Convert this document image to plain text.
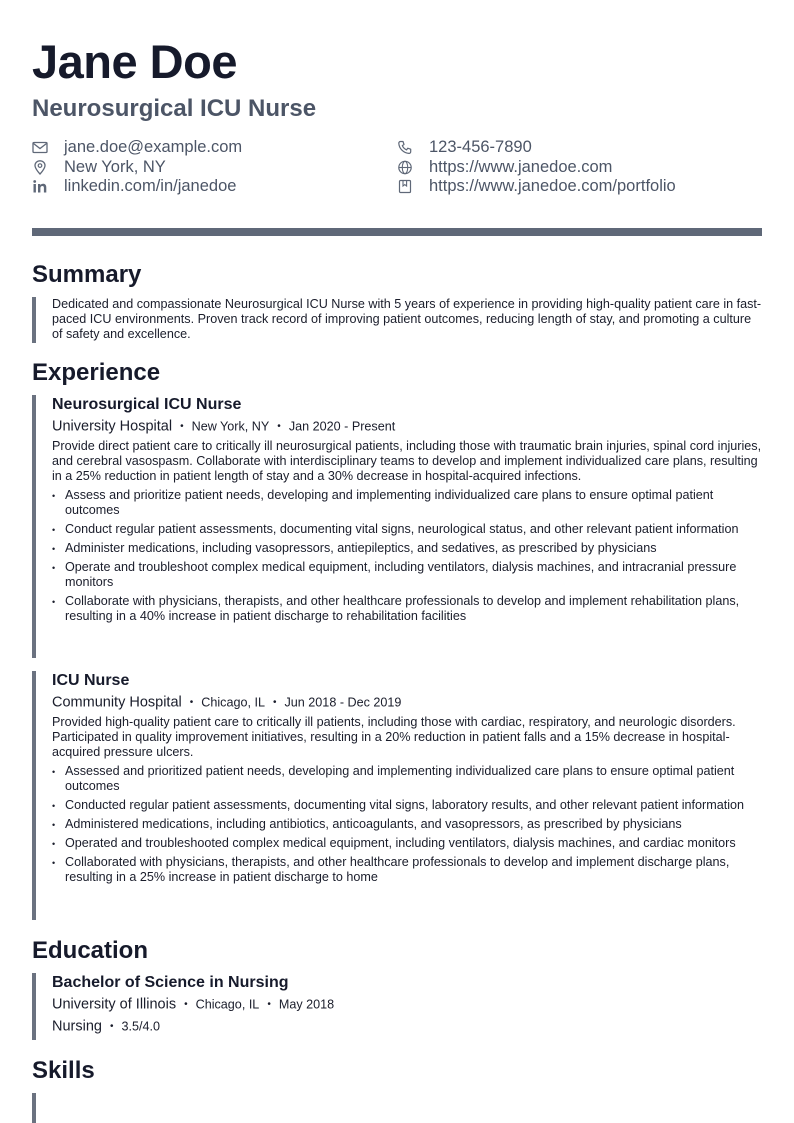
Jane Doe
Neurosurgical ICU Nurse
jane.doe@example.com	123-456-7890
New York, NY	https://www.janedoe.com
linkedin.com/in/janedoe	https://www.janedoe.com/portfolio
Summary

Dedicated and compassionate Neurosurgical ICU Nurse with 5 years of experience in providing high-quality patient care in fast-paced ICU environments. Proven track record of improving patient outcomes, reducing length of stay, and promoting a culture of safety and excellence.

Experience

Neurosurgical ICU Nurse

University Hospital • New York, NY • Jan 2020 - Present

Provide direct patient care to critically ill neurosurgical patients, including those with traumatic brain injuries, spinal cord injuries, and cerebral vasospasm. Collaborate with interdisciplinary teams to develop and implement individualized care plans, resulting in a 25% reduction in patient length of stay and a 30% decrease in hospital-acquired infections.

• Assess and prioritize patient needs, developing and implementing individualized care plans to ensure optimal patient outcomes
• Conduct regular patient assessments, documenting vital signs, neurological status, and other relevant patient information
• Administer medications, including vasopressors, antiepileptics, and sedatives, as prescribed by physicians
• Operate and troubleshoot complex medical equipment, including ventilators, dialysis machines, and intracranial pressure monitors
• Collaborate with physicians, therapists, and other healthcare professionals to develop and implement rehabilitation plans, resulting in a 40% increase in patient discharge to rehabilitation facilities

ICU Nurse

Community Hospital • Chicago, IL • Jun 2018 - Dec 2019

Provided high-quality patient care to critically ill patients, including those with cardiac, respiratory, and neurologic disorders. Participated in quality improvement initiatives, resulting in a 20% reduction in patient falls and a 15% decrease in hospital-acquired pressure ulcers.

• Assessed and prioritized patient needs, developing and implementing individualized care plans to ensure optimal patient outcomes
• Conducted regular patient assessments, documenting vital signs, laboratory results, and other relevant patient information
• Administered medications, including antibiotics, anticoagulants, and vasopressors, as prescribed by physicians
• Operated and troubleshooted complex medical equipment, including ventilators, dialysis machines, and cardiac monitors
• Collaborated with physicians, therapists, and other healthcare professionals to develop and implement discharge plans, resulting in a 25% increase in patient discharge to home
Education

Bachelor of Science in Nursing

University of Illinois • Chicago, IL • May 2018
Nursing • 3.5/4.0
Skills
